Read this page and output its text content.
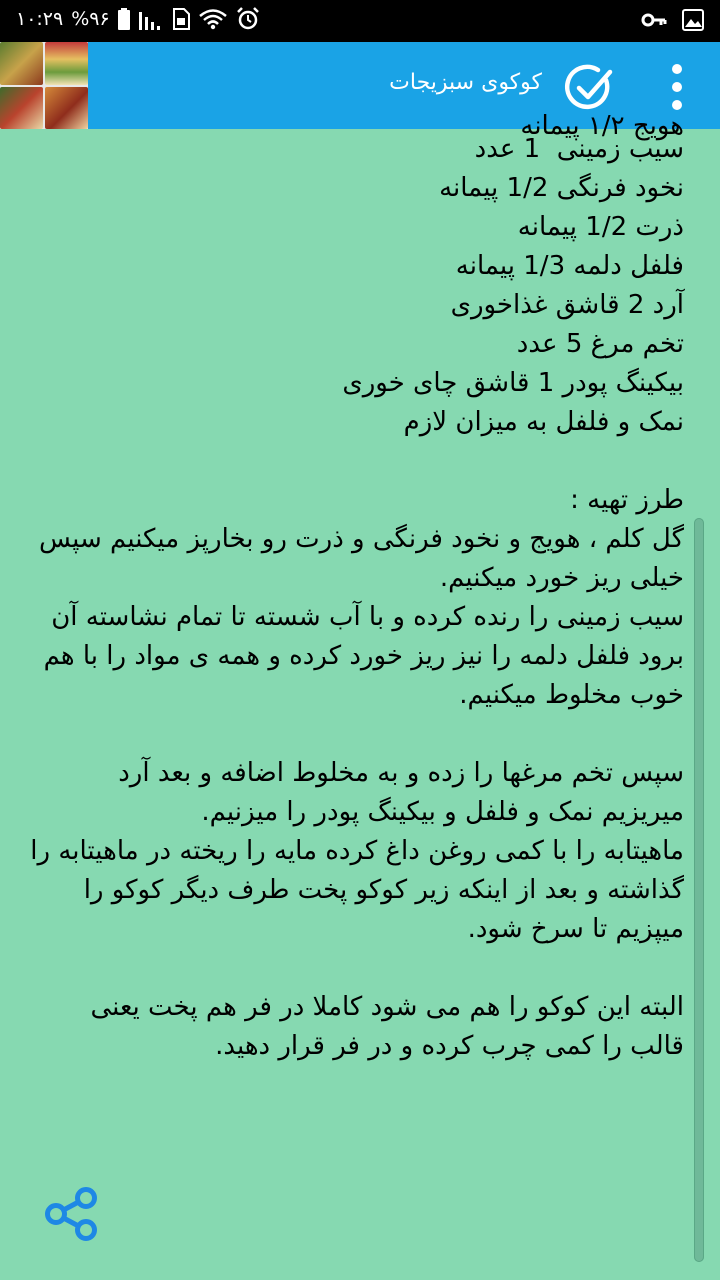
۱۰:۲۹ %۹۶
کوکوی سبزیجات

هویج ۱/۲ پیمانه

سیب زمینی  1 عدد
نخود فرنگی 1/2 پیمانه
ذرت 1/2 پیمانه
فلفل دلمه 1/3 پیمانه
آرد 2 قاشق غذاخوری
تخم مرغ 5 عدد
بیکینگ پودر 1 قاشق چای خوری
نمک و فلفل به میزان لازم

طرز تهیه :
گل کلم ، هویج و نخود فرنگی و ذرت رو بخارپز میکنیم سپس خیلی ریز خورد میکنیم.
سیب زمینی را رنده کرده و با آب شسته تا تمام نشاسته آن برود فلفل دلمه را نیز ریز خورد کرده و همه ی مواد را با هم خوب مخلوط میکنیم.

سپس تخم مرغها را زده و به مخلوط اضافه و بعد آرد میریزیم نمک و فلفل و بیکینگ پودر را میزنیم.
ماهیتابه را با کمی روغن داغ کرده مایه را ریخته در ماهیتابه را گذاشته و بعد از اینکه زیر کوکو پخت طرف دیگر کوکو را میپزیم تا سرخ شود.

البته این کوکو را هم می شود کاملا در فر هم پخت یعنی قالب را کمی چرب کرده و در فر قرار دهید.
